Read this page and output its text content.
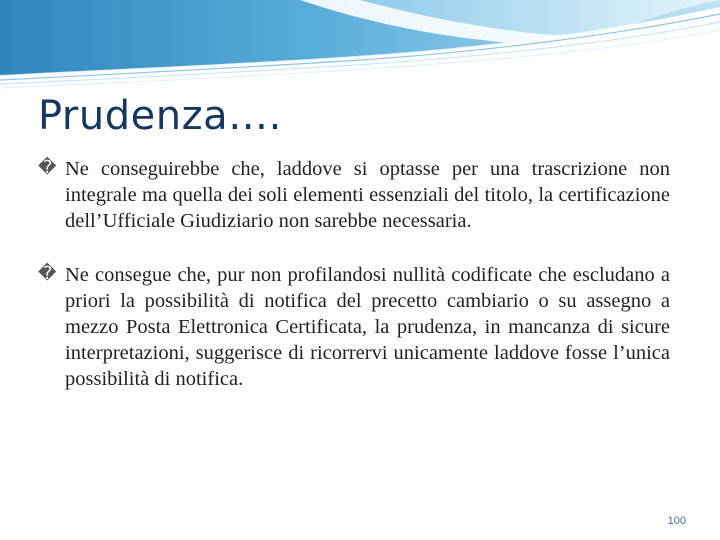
Prudenza….

� Ne conseguirebbe che, laddove si optasse per una trascrizione non integrale ma quella dei soli elementi essenziali del titolo, la certificazione dell’Ufficiale Giudiziario non sarebbe necessaria.

� Ne consegue che, pur non profilandosi nullità codificate che escludano a priori la possibilità di notifica del precetto cambiario o su assegno a mezzo Posta Elettronica Certificata, la prudenza, in mancanza di sicure interpretazioni, suggerisce di ricorrervi unicamente laddove fosse l’unica possibilità di notifica.

100
